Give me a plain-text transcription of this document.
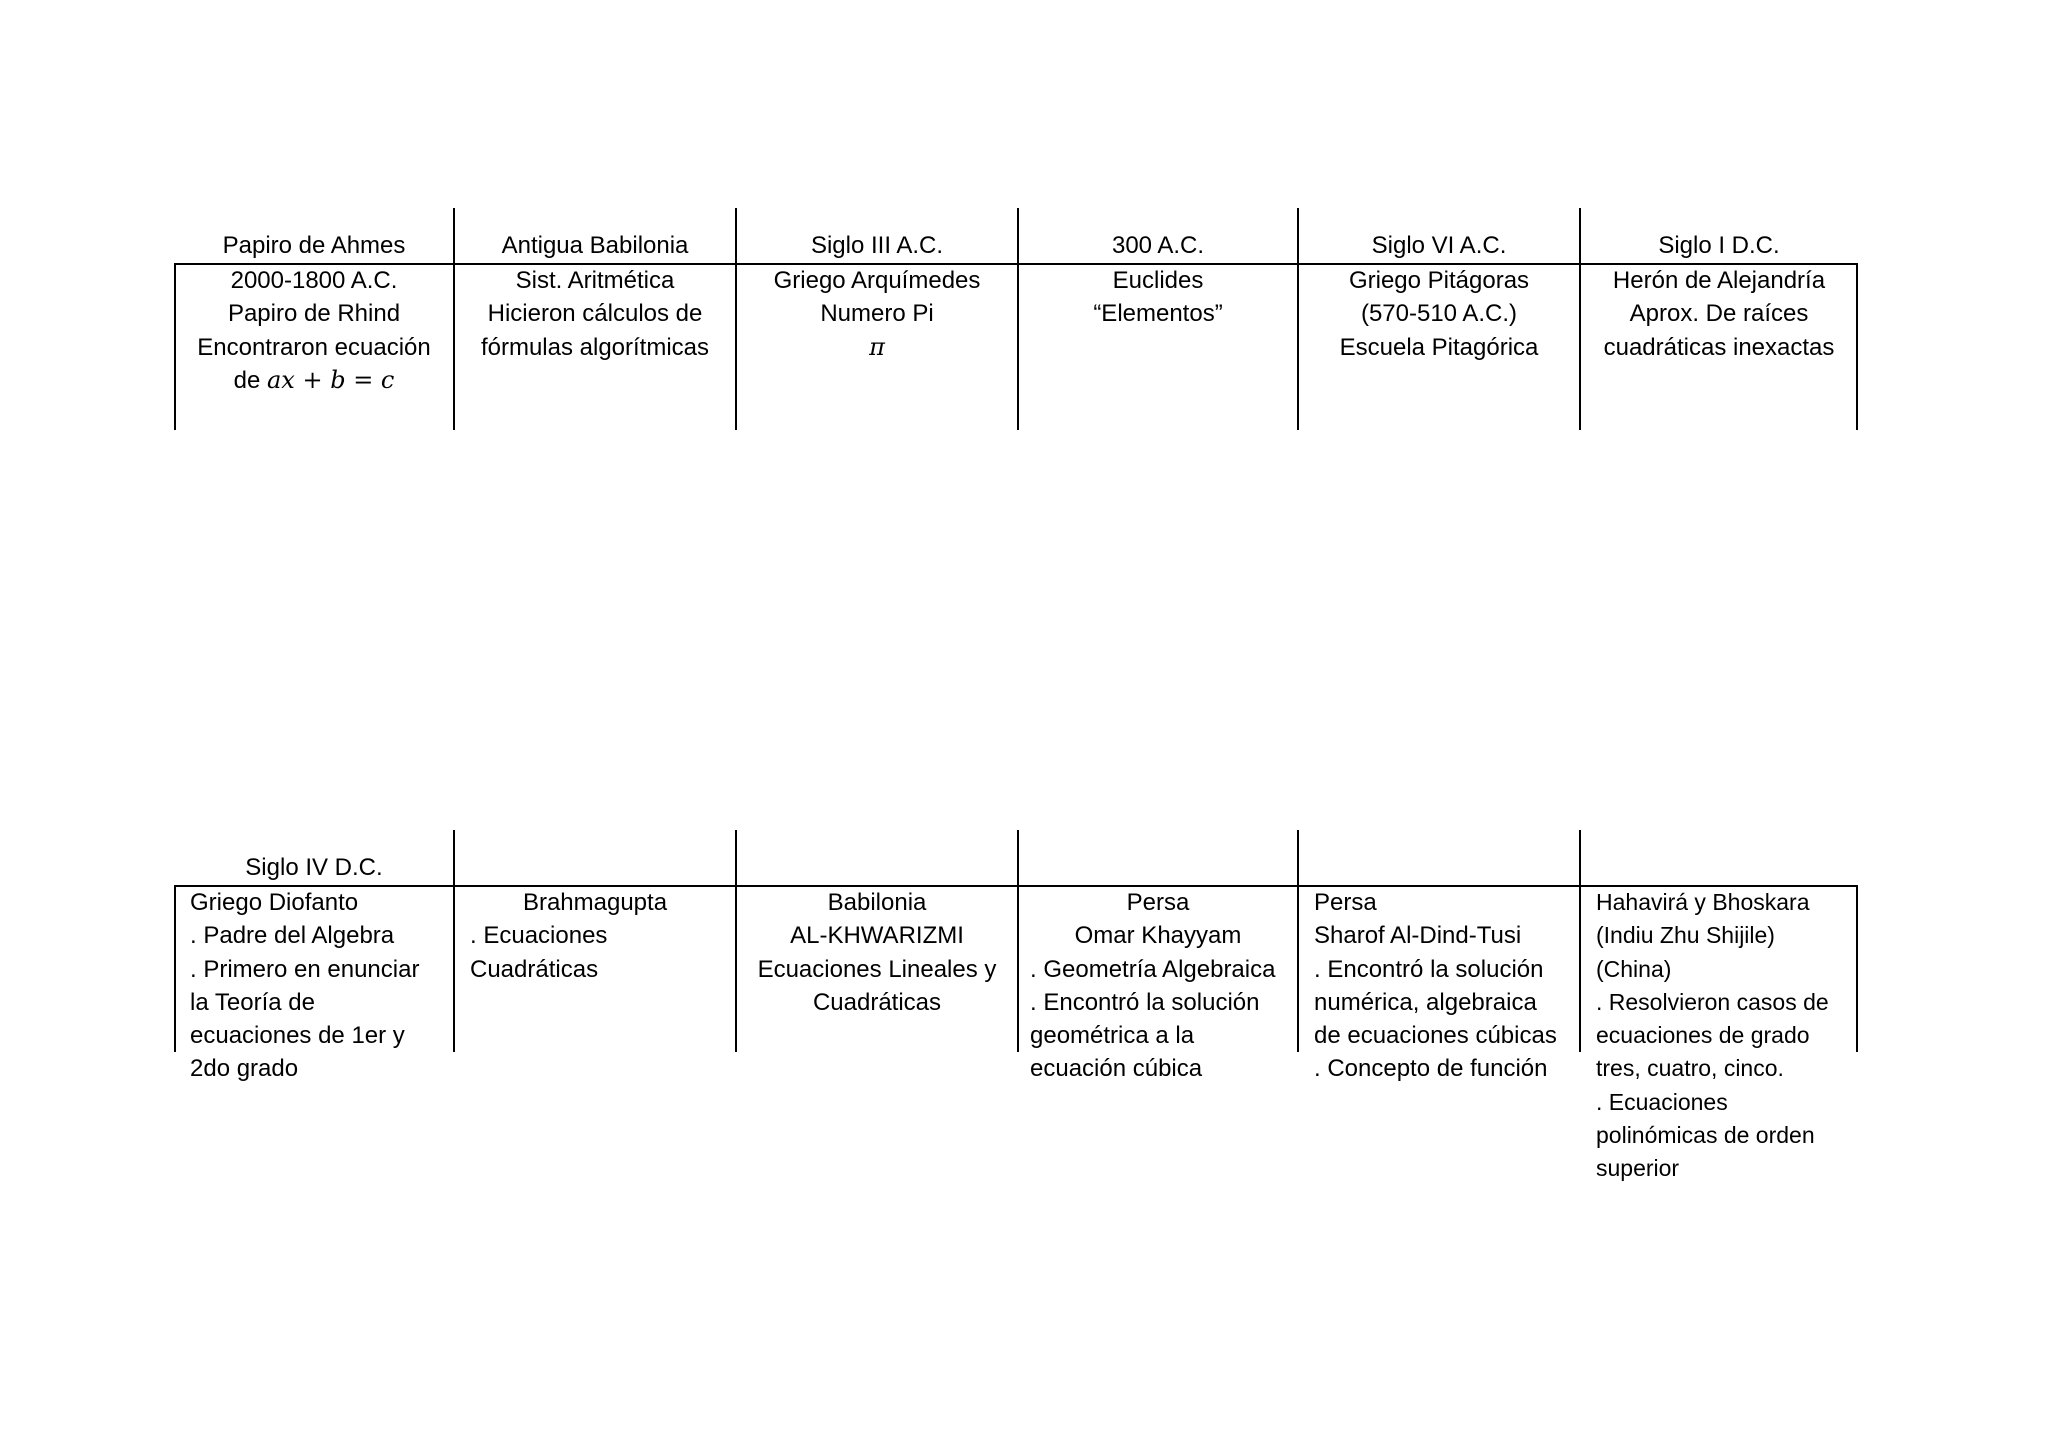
Papiro de Ahmes
2000-1800 A.C.
Papiro de Rhind
Encontraron ecuación
de ax + b = c
Antigua Babilonia
Sist. Aritmética
Hicieron cálculos de
fórmulas algorítmicas
Siglo III A.C.
Griego Arquímedes
Numero Pi
π
300 A.C.
Euclides
“Elementos”
Siglo VI A.C.
Griego Pitágoras
(570-510 A.C.)
Escuela Pitagórica
Siglo I D.C.
Herón de Alejandría
Aprox. De raíces
cuadráticas inexactas
Siglo IV D.C.
Griego Diofanto
. Padre del Algebra
. Primero en enunciar
la Teoría de
ecuaciones de 1er y
2do grado
Brahmagupta
. Ecuaciones
Cuadráticas
Babilonia
AL-KHWARIZMI
Ecuaciones Lineales y
Cuadráticas
Persa
Omar Khayyam
. Geometría Algebraica
. Encontró la solución
geométrica a la
ecuación cúbica
Persa
Sharof Al-Dind-Tusi
. Encontró la solución
numérica, algebraica
de ecuaciones cúbicas
. Concepto de función
Hahavirá y Bhoskara
(Indiu Zhu Shijile)
(China)
. Resolvieron casos de
ecuaciones de grado
tres, cuatro, cinco.
. Ecuaciones
polinómicas de orden
superior
